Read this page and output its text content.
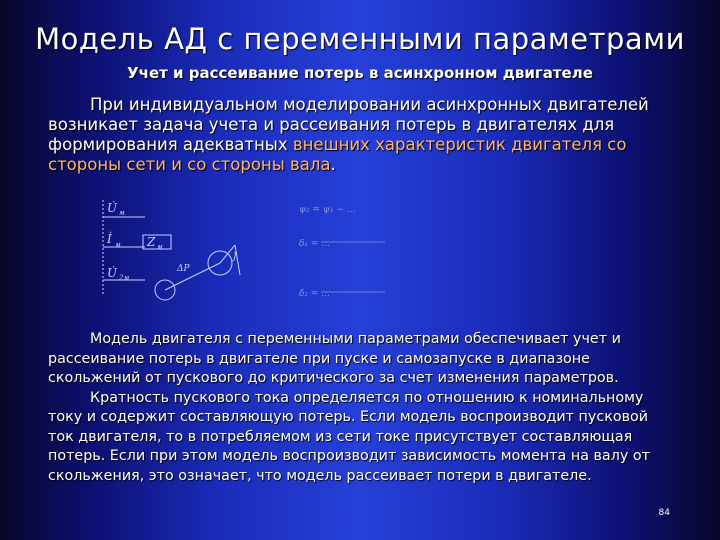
Модель АД с переменными параметрами
Учет и рассеивание потерь в асинхронном двигателе
При индивидуальном моделировании асинхронных двигателей возникает задача учета и рассеивания потерь в двигателях для формирования адекватных внешних характеристик двигателя со стороны сети и со стороны вала.
U̇ м
İ м Z м
U̇ 2м
ΔP
J
ψ₂ = ψ₁ − ...
δ₁ = ...
δ₂ = ...

Модель двигателя с переменными параметрами обеспечивает учет и рассеивание потерь в двигателе при пуске и самозапуске в диапазоне скольжений от пускового до критического за счет изменения параметров.

Кратность пускового тока определяется по отношению к номинальному току и содержит составляющую потерь. Если модель воспроизводит пусковой ток двигателя, то в потребляемом из сети токе присутствует составляющая потерь. Если при этом модель воспроизводит зависимость момента на валу от скольжения, это означает, что модель рассеивает потери в двигателе.

84
